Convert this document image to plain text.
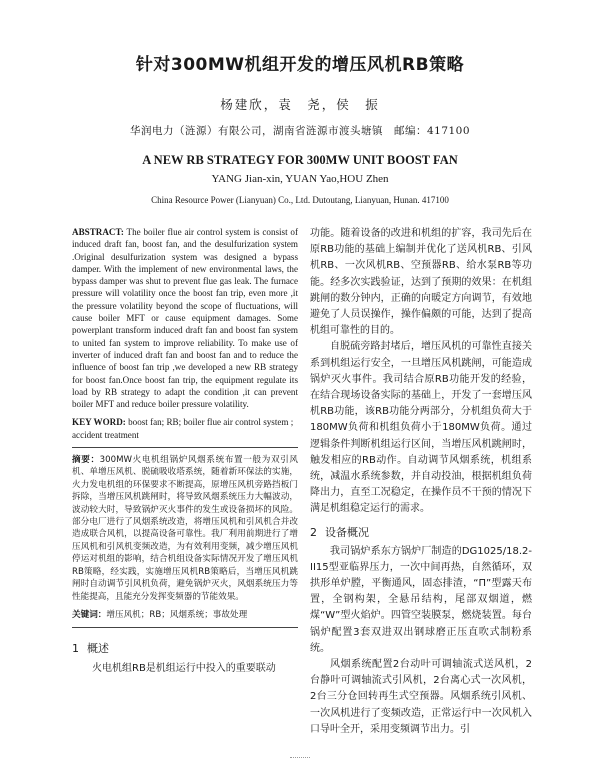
针对300MW机组开发的增压风机RB策略
杨建欣，袁　尧，侯　振
华润电力（涟源）有限公司，湖南省涟源市渡头塘镇　邮编：417100
A NEW RB STRATEGY FOR 300MW UNIT BOOST FAN
YANG Jian-xin, YUAN Yao,HOU Zhen
China Resource Power (Lianyuan) Co., Ltd. Dutoutang, Lianyuan, Hunan. 417100

ABSTRACT: The boiler flue air control system is consist of induced draft fan, boost fan, and the desulfurization system .Original desulfurization system was designed a bypass damper. With the implement of new environmental laws, the bypass damper was shut to prevent flue gas leak. The furnace pressure will volatility once the boost fan trip, even more ,it the pressure volatility beyond the scope of fluctuations, will cause boiler MFT or cause equipment damages. Some powerplant transform induced draft fan and boost fan system to united fan system to improve reliability. To make use of inverter of induced draft fan and boost fan and to reduce the influence of boost fan trip ,we developed a new RB strategy for boost fan.Once boost fan trip, the equipment regulate its load by RB strategy to adapt the condition ,it can prevent boiler MFT and reduce boiler pressure volatility.

KEY WORD: boost fan; RB; boiler flue air control system ; accident treatment

摘要：300MW火电机组锅炉风烟系统布置一般为双引风机、单增压风机、脱硫吸收塔系统，随着新环保法的实施，火力发电机组的环保要求不断提高，原增压风机旁路挡板门拆除，当增压风机跳闸时，将导致风烟系统压力大幅波动，波动较大时，导致锅炉灭火事件的发生或设备损坏的风险。部分电厂进行了风烟系统改造，将增压风机和引风机合并改造成联合风机，以提高设备可靠性。我厂利用前期进行了增压风机和引风机变频改造，为有效利用变频，减少增压风机停运对机组的影响，结合机组设备实际情况开发了增压风机RB策略，经实践，实施增压风机RB策略后，当增压风机跳闸时自动调节引风机负荷，避免锅炉灭火，风烟系统压力等性能提高，且能充分发挥变频器的节能效果。

关键词：增压风机；RB；风烟系统；事故处理

1 概述

火电机组RB是机组运行中投入的重要联动

功能。随着设备的改进和机组的扩容，我司先后在原RB功能的基础上编制并优化了送风机RB、引风机RB、一次风机RB、空预器RB、给水泵RB等功能。经多次实践验证，达到了预期的效果：在机组跳闸的数分钟内，正确的向暖定方向调节，有效地避免了人员误操作，操作偏颇的可能，达到了提高机组可靠性的目的。

自脱硫旁路封堵后，增压风机的可靠性直接关系到机组运行安全，一旦增压风机跳闸，可能造成锅炉灭火事件。我司结合原RB功能开发的经验，在结合现场设备实际的基础上，开发了一套增压风机RB功能，该RB功能分两部分，分机组负荷大于180MW负荷和机组负荷小于180MW负荷。通过逻辑条件判断机组运行区间，当增压风机跳闸时，触发相应的RB动作。自动调节风烟系统，机组系统，减温水系统参数，并自动投油，根据机组负荷降出力，直至工况稳定，在操作员不干预的情况下满足机组稳定运行的需求。

2 设备概况

我司锅炉系东方锅炉厂制造的DG1025/18.2-II15型亚临界压力，一次中间再热，自然循环，双拱形单炉膛，平衡通风，固态排渣，“Π”型露天布置，全钢构架，全悬吊结构，尾部双烟道，燃煤“W”型火焰炉。四管空装膜泵，燃烧装置。每台锅炉配置3套双进双出钢球磨正压直吹式制粉系统。

风烟系统配置2台动叶可调轴流式送风机，2台静叶可调轴流式引风机，2台离心式一次风机，2台三分仓回转再生式空预器。风烟系统引风机、一次风机进行了变频改造，正常运行中一次风机入口导叶全开，采用变频调节出力。引
